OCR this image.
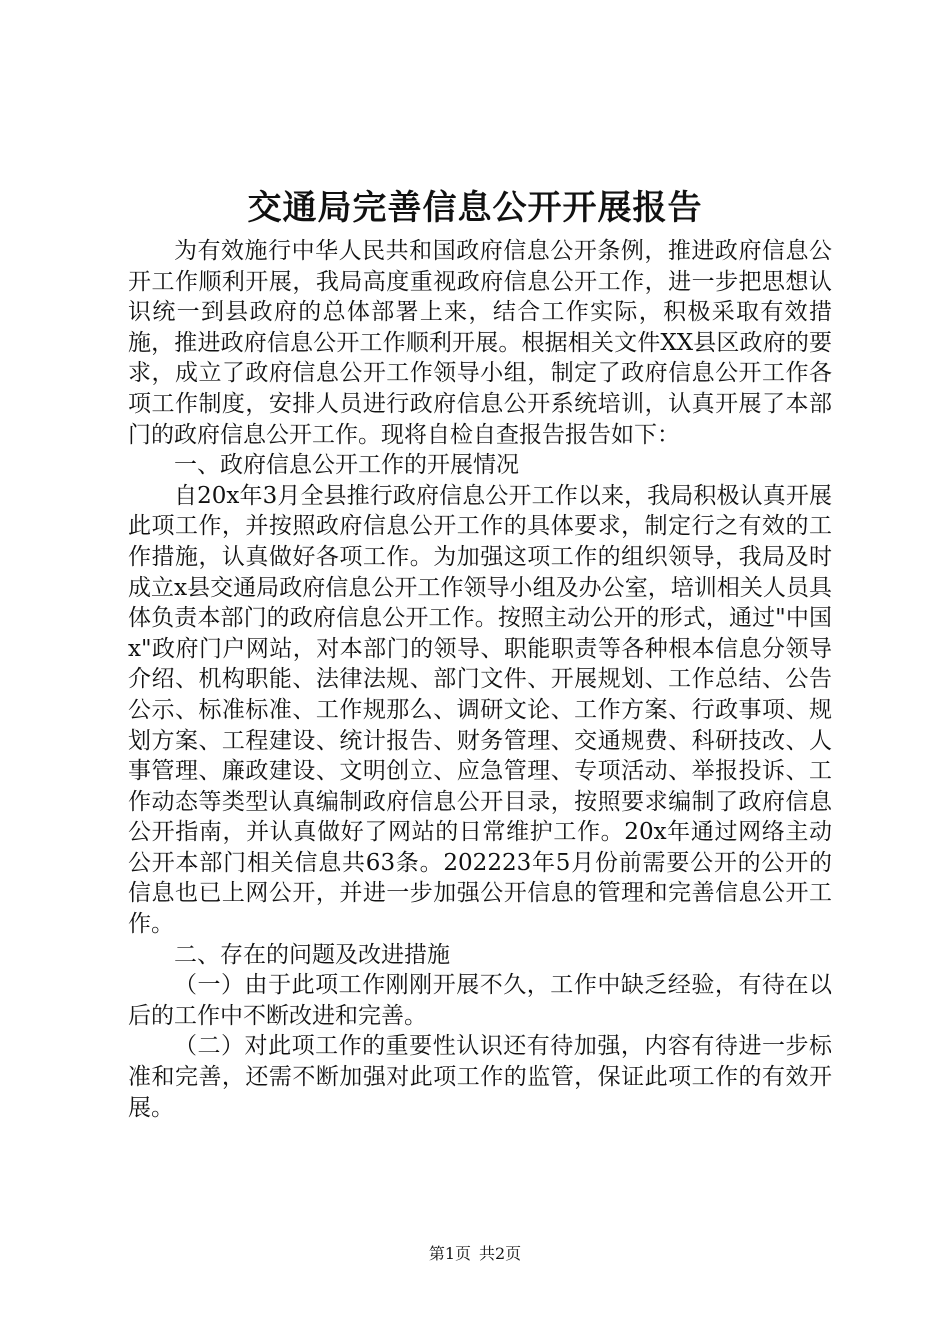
交通局完善信息公开开展报告

为有效施行中华人民共和国政府信息公开条例，推进政府信息公开工作顺利开展，我局高度重视政府信息公开工作，进一步把思想认识统一到县政府的总体部署上来，结合工作实际，积极采取有效措施，推进政府信息公开工作顺利开展。根据相关文件XX县区政府的要求，成立了政府信息公开工作领导小组，制定了政府信息公开工作各项工作制度，安排人员进行政府信息公开系统培训，认真开展了本部门的政府信息公开工作。现将自检自查报告报告如下：

一、政府信息公开工作的开展情况

自20x年3月全县推行政府信息公开工作以来，我局积极认真开展此项工作，并按照政府信息公开工作的具体要求，制定行之有效的工作措施，认真做好各项工作。为加强这项工作的组织领导，我局及时成立x县交通局政府信息公开工作领导小组及办公室，培训相关人员具体负责本部门的政府信息公开工作。按照主动公开的形式，通过"中国x"政府门户网站，对本部门的领导、职能职责等各种根本信息分领导介绍、机构职能、法律法规、部门文件、开展规划、工作总结、公告公示、标准标准、工作规那么、调研文论、工作方案、行政事项、规划方案、工程建设、统计报告、财务管理、交通规费、科研技改、人事管理、廉政建设、文明创立、应急管理、专项活动、举报投诉、工作动态等类型认真编制政府信息公开目录，按照要求编制了政府信息公开指南，并认真做好了网站的日常维护工作。20x年通过网络主动公开本部门相关信息共63条。202223年5月份前需要公开的公开的信息也已上网公开，并进一步加强公开信息的管理和完善信息公开工作。

二、存在的问题及改进措施

（一）由于此项工作刚刚开展不久，工作中缺乏经验，有待在以后的工作中不断改进和完善。

（二）对此项工作的重要性认识还有待加强，内容有待进一步标准和完善，还需不断加强对此项工作的监管，保证此项工作的有效开展。

第1页 共2页
